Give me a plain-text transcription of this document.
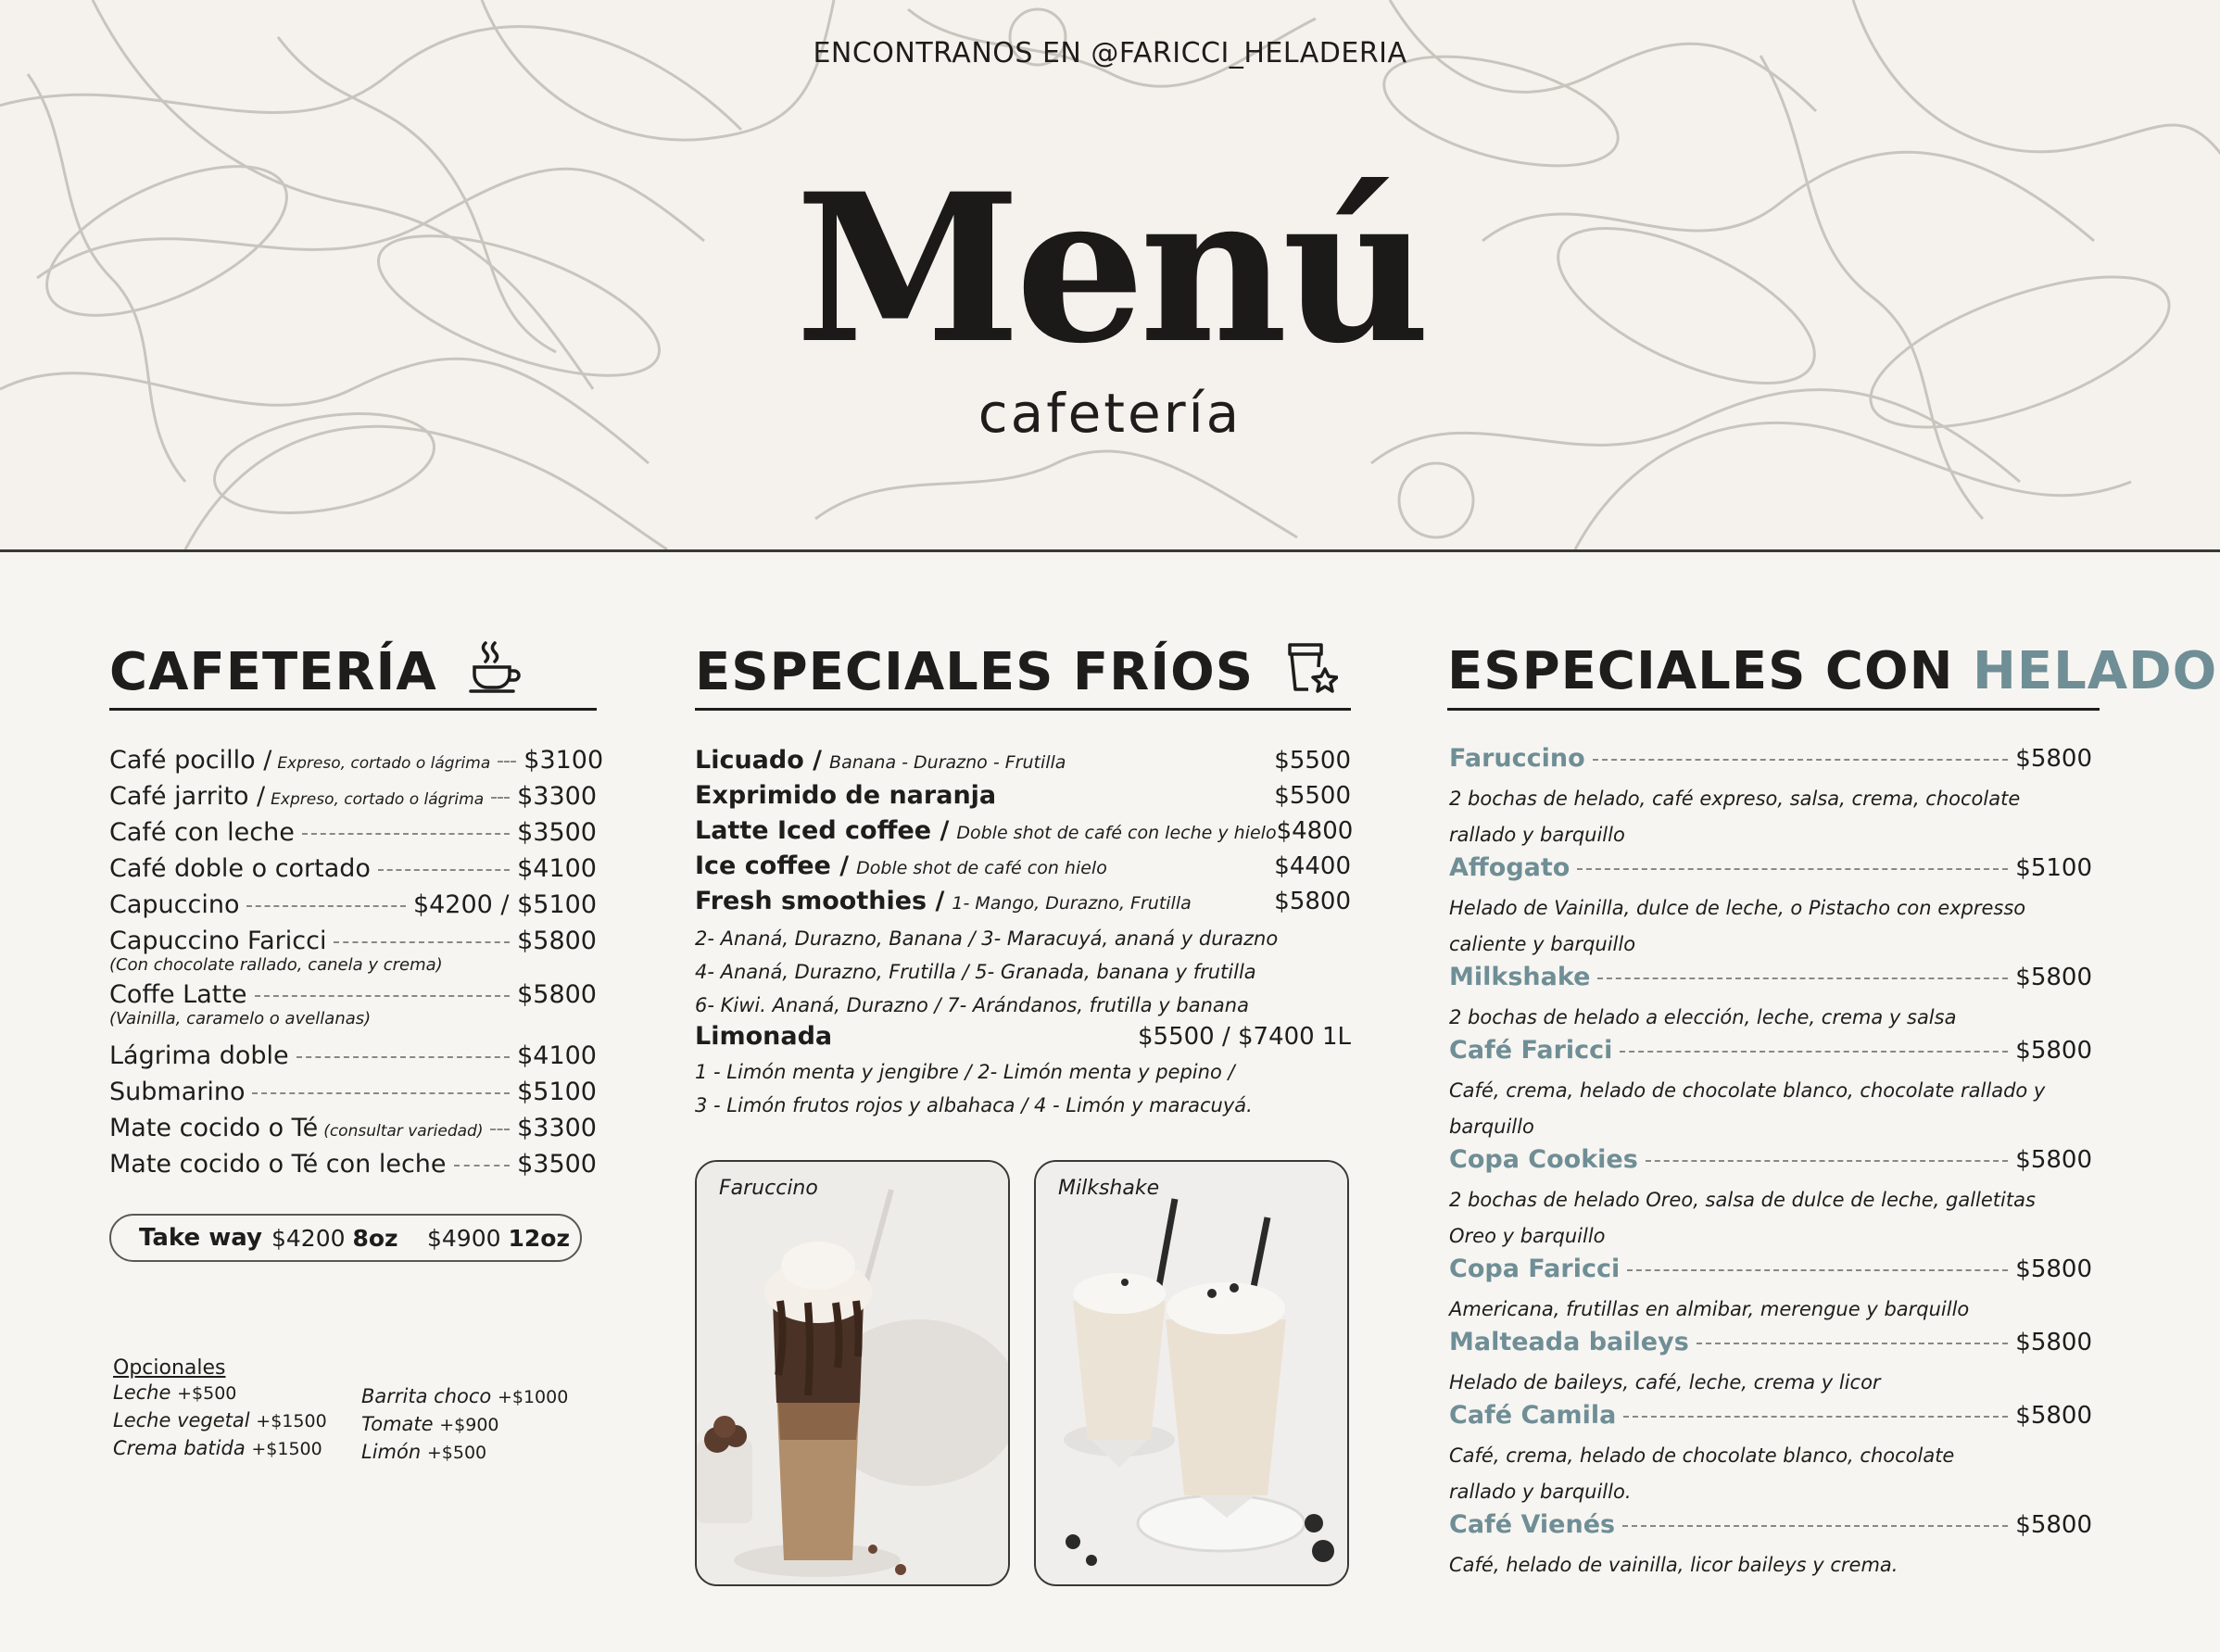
ENCONTRANOS EN @FARICCI_HELADERIA
Menú
cafetería
CAFETERÍA
Café pocillo / Expreso, cortado o lágrima $3100
Café jarrito / Expreso, cortado o lágrima $3300
Café con leche	$3500
Café doble o cortado	$4100
Capuccino	$4200 / $5100
Capuccino Faricci	$5800
(Con chocolate rallado, canela y crema)
Coffe Latte	$5800
(Vainilla, caramelo o avellanas)
Lágrima doble	$4100
Submarino	$5100
Mate cocido o Té (consultar variedad) $3300
Mate cocido o Té con leche	$3500
Take way $4200 8oz	$4900 12oz
Opcionales
Leche +$500
Leche vegetal +$1500
Crema batida +$1500
Barrita choco +$1000
Tomate +$900
Limón +$500
ESPECIALES FRÍOS
Licuado / Banana - Durazno - Frutilla	$5500
Exprimido de naranja	$5500
Latte Iced coffee / Doble shot de café con leche y hielo $4800
Ice coffee / Doble shot de café con hielo	$4400
Fresh smoothies / 1- Mango, Durazno, Frutilla	$5800
2- Ananá, Durazno, Banana / 3- Maracuyá, ananá y durazno
4- Ananá, Durazno, Frutilla / 5- Granada, banana y frutilla
6- Kiwi. Ananá, Durazno / 7- Arándanos, frutilla y banana
Limonada	$5500 / $7400 1L
1 - Limón menta y jengibre / 2- Limón menta y pepino /
3 - Limón frutos rojos y albahaca / 4 - Limón y maracuyá.
Faruccino	Milkshake
ESPECIALES CON HELADO
Faruccino	$5800
2 bochas de helado, café expreso, salsa, crema, chocolate
rallado y barquillo
Affogato	$5100
Helado de Vainilla, dulce de leche, o Pistacho con expresso
caliente y barquillo
Milkshake	$5800
2 bochas de helado a elección, leche, crema y salsa
Café Faricci	$5800
Café, crema, helado de chocolate blanco, chocolate rallado y
barquillo
Copa Cookies	$5800
2 bochas de helado Oreo, salsa de dulce de leche, galletitas
Oreo y barquillo
Copa Faricci	$5800
Americana, frutillas en almibar, merengue y barquillo
Malteada baileys	$5800
Helado de baileys, café, leche, crema y licor
Café Camila	$5800
Café, crema, helado de chocolate blanco, chocolate
rallado y barquillo.
Café Vienés	$5800
Café, helado de vainilla, licor baileys y crema.
